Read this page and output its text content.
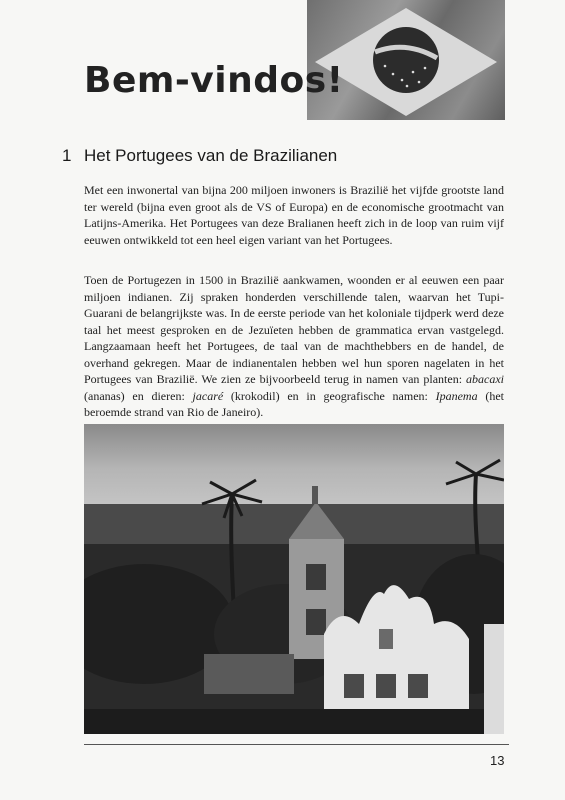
Bem-vindos!
1 Het Portugees van de Brazilianen

Met een inwonertal van bijna 200 miljoen inwoners is Brazilië het vijfde grootste land ter wereld (bijna even groot als de VS of Europa) en de economische grootmacht van Latijns-Amerika. Het Portugees van deze Bralianen heeft zich in de loop van ruim vijf eeuwen ontwikkeld tot een heel eigen variant van het Portugees.

Toen de Portugezen in 1500 in Brazilië aankwamen, woonden er al eeuwen een paar miljoen indianen. Zij spraken honderden verschillende talen, waarvan het Tupi-Guarani de belangrijkste was. In de eerste periode van het koloniale tijdperk werd deze taal het meest gesproken en de Jezuïeten hebben de grammatica ervan vastgelegd. Langzaamaan heeft het Portugees, de taal van de machthebbers en de handel, de overhand gekregen. Maar de indianentalen hebben wel hun sporen nagelaten in het Portugees van Brazilië. We zien ze bijvoorbeeld terug in namen van planten: abacaxi (ananas) en dieren: jacaré (krokodil) en in geografische namen: Ipanema (het beroemde strand van Rio de Janeiro).

13
